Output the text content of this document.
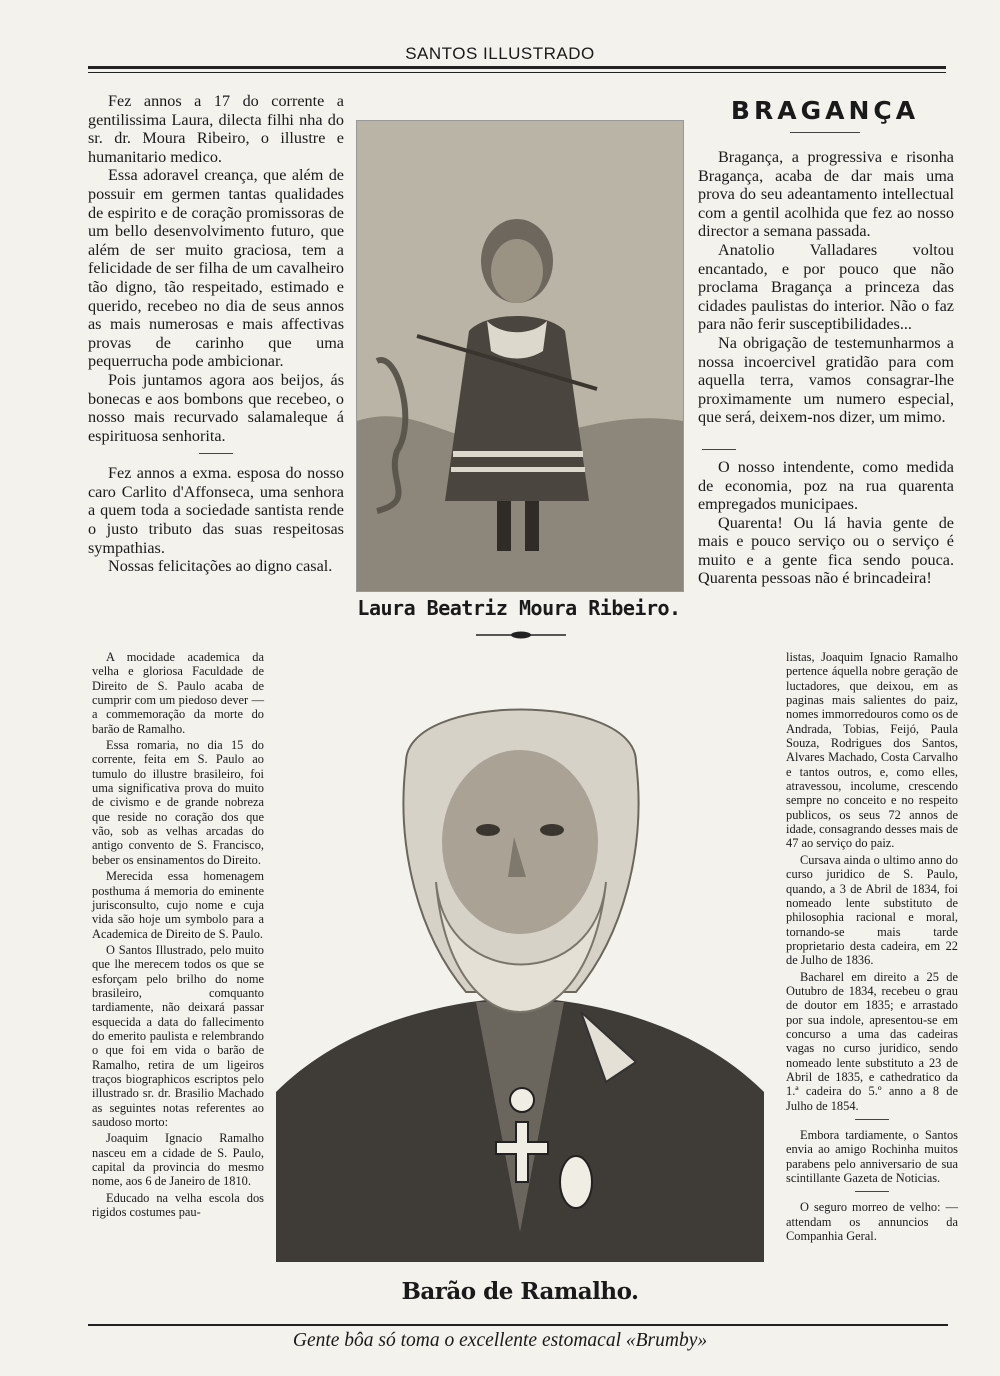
SANTOS ILLUSTRADO

Fez annos a 17 do corrente a gentilissima Laura, dilecta filhi nha do sr. dr. Moura Ribeiro, o illustre e humanitario medico.

Essa adoravel creança, que além de possuir em germen tantas qualidades de espirito e de coração promissoras de um bello desenvolvimento futuro, que além de ser muito graciosa, tem a felicidade de ser filha de um cavalheiro tão digno, tão respeitado, estimado e querido, recebeo no dia de seus annos as mais numerosas e mais affectivas provas de carinho que uma pequerrucha pode ambicionar.

Pois juntamos agora aos beijos, ás bonecas e aos bombons que recebeo, o nosso mais recurvado salamaleque á espirituosa senhorita.

Fez annos a exma. esposa do nosso caro Carlito d'Affonseca, uma senhora a quem toda a sociedade santista rende o justo tributo das suas respeitosas sympathias.

Nossas felicitações ao digno casal.

Laura Beatriz Moura Ribeiro.
BRAGANÇA

Bragança, a progressiva e risonha Bragança, acaba de dar mais uma prova do seu adeantamento intellectual com a gentil acolhida que fez ao nosso director a semana passada.

Anatolio Valladares voltou encantado, e por pouco que não proclama Bragança a princeza das cidades paulistas do interior. Não o faz para não ferir susceptibilidades...

Na obrigação de testemunharmos a nossa incoercivel gratidão para com aquella terra, vamos consagrar-lhe proximamente um numero especial, que será, deixem-nos dizer, um mimo.

O nosso intendente, como medida de economia, poz na rua quarenta empregados municipaes.

Quarenta! Ou lá havia gente de mais e pouco serviço ou o serviço é muito e a gente fica sendo pouca. Quarenta pessoas não é brincadeira!

A mocidade academica da velha e gloriosa Faculdade de Direito de S. Paulo acaba de cumprir com um piedoso dever — a commemoração da morte do barão de Ramalho.

Essa romaria, no dia 15 do corrente, feita em S. Paulo ao tumulo do illustre brasileiro, foi uma significativa prova do muito de civismo e de grande nobreza que reside no coração dos que vão, sob as velhas arcadas do antigo convento de S. Francisco, beber os ensinamentos do Direito.

Merecida essa homenagem posthuma á memoria do eminente jurisconsulto, cujo nome e cuja vida são hoje um symbolo para a Academica de Direito de S. Paulo.

O Santos Illustrado, pelo muito que lhe merecem todos os que se esforçam pelo brilho do nome brasileiro, comquanto tardiamente, não deixará passar esquecida a data do fallecimento do emerito paulista e relembrando o que foi em vida o barão de Ramalho, retira de um ligeiros traços biographicos escriptos pelo illustrado sr. dr. Brasilio Machado as seguintes notas referentes ao saudoso morto:

Joaquim Ignacio Ramalho nasceu em a cidade de S. Paulo, capital da provincia do mesmo nome, aos 6 de Janeiro de 1810.

Educado na velha escola dos rigidos costumes pau-

Barão de Ramalho.

listas, Joaquim Ignacio Ramalho pertence áquella nobre geração de luctadores, que deixou, em as paginas mais salientes do paiz, nomes immorredouros como os de Andrada, Tobias, Feijó, Paula Souza, Rodrigues dos Santos, Alvares Machado, Costa Carvalho e tantos outros, e, como elles, atravessou, incolume, crescendo sempre no conceito e no respeito publicos, os seus 72 annos de idade, consagrando desses mais de 47 ao serviço do paiz.

Cursava ainda o ultimo anno do curso juridico de S. Paulo, quando, a 3 de Abril de 1834, foi nomeado lente substituto de philosophia racional e moral, tornando-se mais tarde proprietario desta cadeira, em 22 de Julho de 1836.

Bacharel em direito a 25 de Outubro de 1834, recebeu o grau de doutor em 1835; e arrastado por sua indole, apresentou-se em concurso a uma das cadeiras vagas no curso juridico, sendo nomeado lente substituto a 23 de Abril de 1835, e cathedratico da 1.ª cadeira do 5.º anno a 8 de Julho de 1854.

Embora tardiamente, o Santos envia ao amigo Rochinha muitos parabens pelo anniversario de sua scintillante Gazeta de Noticias.

O seguro morreo de velho: — attendam os annuncios da Companhia Geral.

Gente bôa só toma o excellente estomacal «Brumby»
